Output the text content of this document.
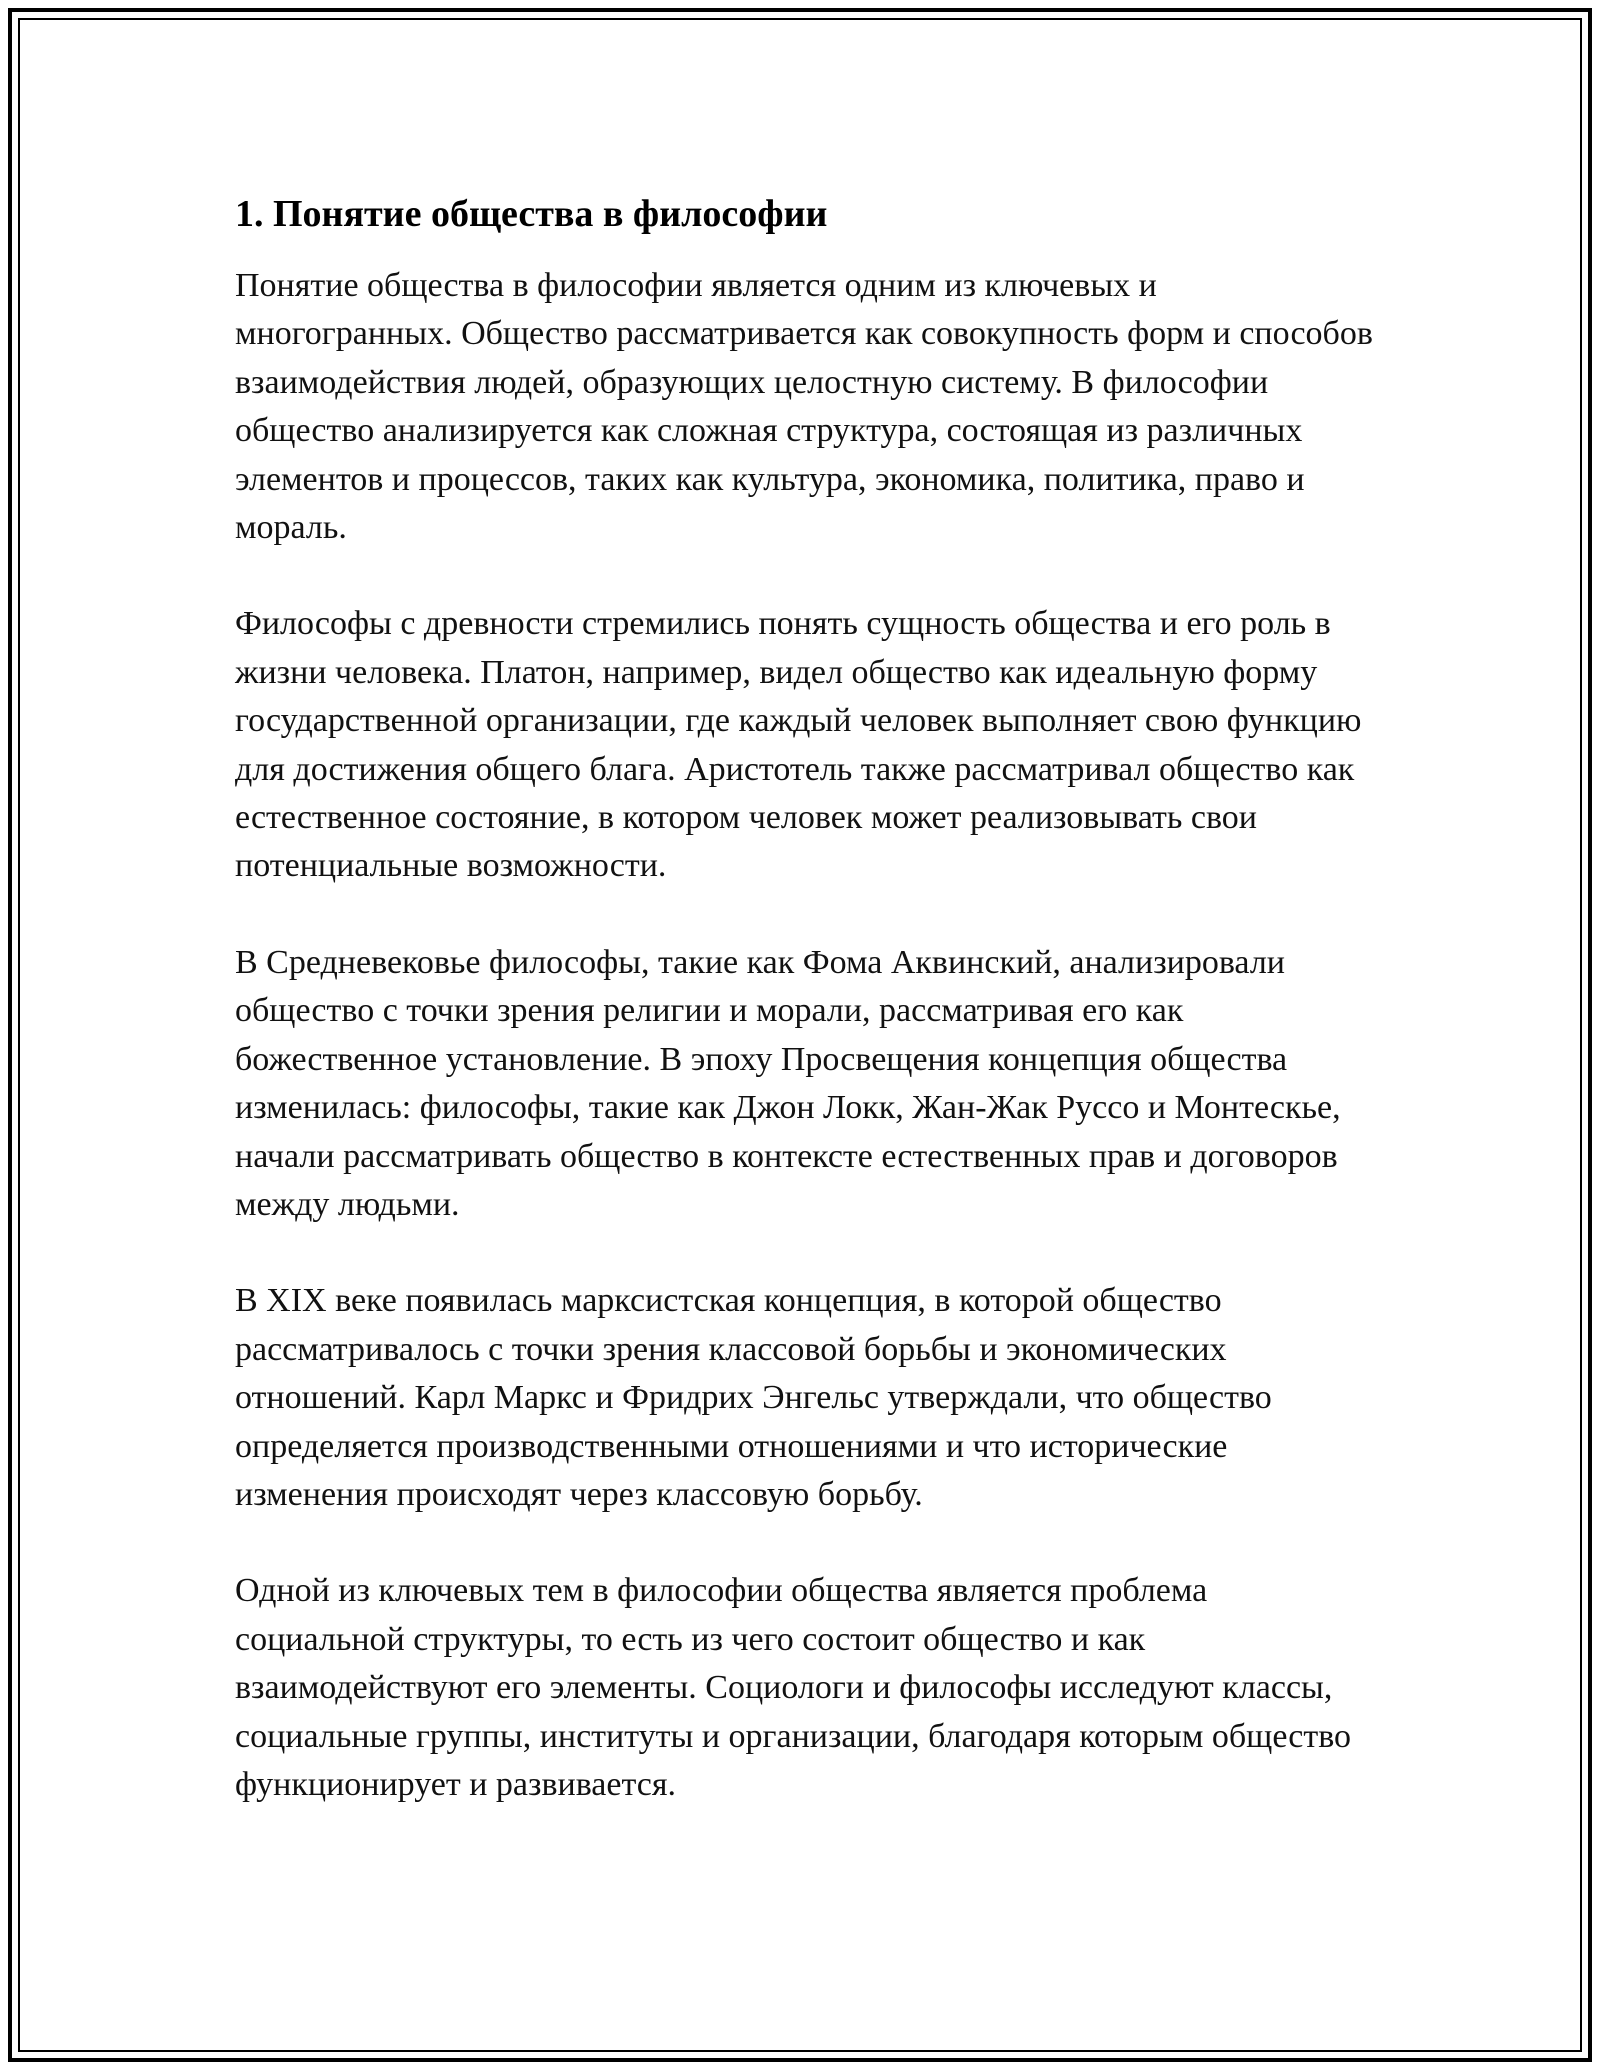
1. Понятие общества в философии

Понятие общества в философии является одним из ключевых и многогранных. Общество рассматривается как совокупность форм и способов взаимодействия людей, образующих целостную систему. В философии общество анализируется как сложная структура, состоящая из различных элементов и процессов, таких как культура, экономика, политика, право и мораль.

Философы с древности стремились понять сущность общества и его роль в жизни человека. Платон, например, видел общество как идеальную форму государственной организации, где каждый человек выполняет свою функцию для достижения общего блага. Аристотель также рассматривал общество как естественное состояние, в котором человек может реализовывать свои потенциальные возможности.

В Средневековье философы, такие как Фома Аквинский, анализировали общество с точки зрения религии и морали, рассматривая его как божественное установление. В эпоху Просвещения концепция общества изменилась: философы, такие как Джон Локк, Жан-Жак Руссо и Монтескье, начали рассматривать общество в контексте естественных прав и договоров между людьми.

В XIX веке появилась марксистская концепция, в которой общество рассматривалось с точки зрения классовой борьбы и экономических отношений. Карл Маркс и Фридрих Энгельс утверждали, что общество определяется производственными отношениями и что исторические изменения происходят через классовую борьбу.

Одной из ключевых тем в философии общества является проблема социальной структуры, то есть из чего состоит общество и как взаимодействуют его элементы. Социологи и философы исследуют классы, социальные группы, институты и организации, благодаря которым общество функционирует и развивается.
